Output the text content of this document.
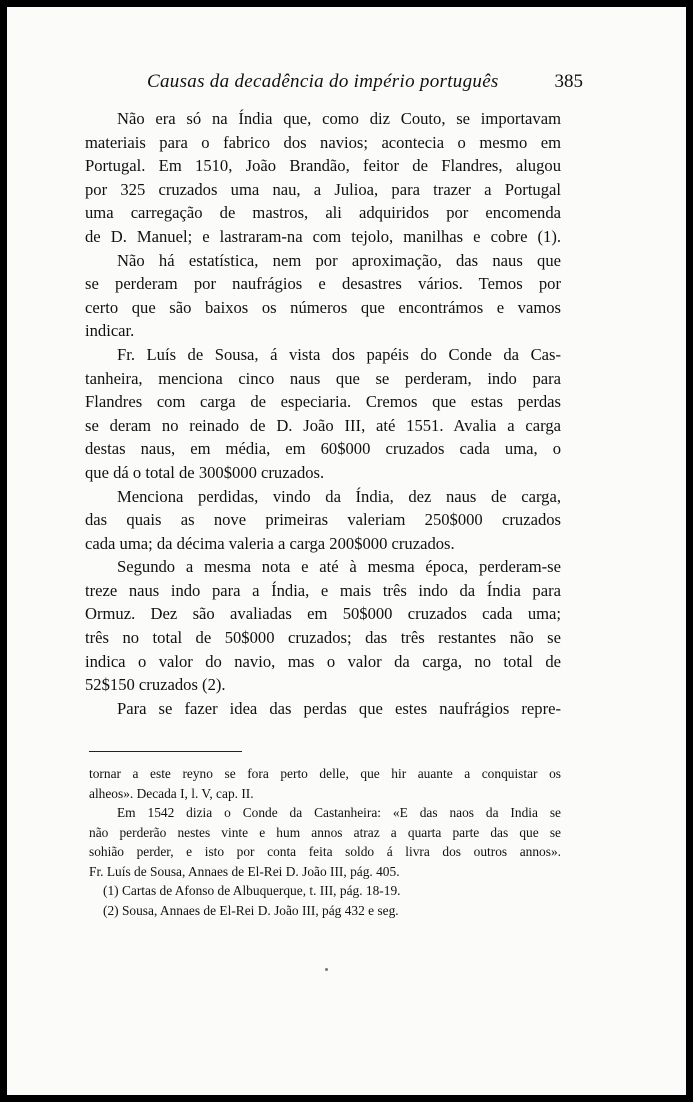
Causas da decadência do império português	385
Não era só na Índia que, como diz Couto, se importavam
materiais para o fabrico dos navios; acontecia o mesmo em
Portugal. Em 1510, João Brandão, feitor de Flandres, alugou
por 325 cruzados uma nau, a Julioa, para trazer a Portugal
uma carregação de mastros, ali adquiridos por encomenda
de D. Manuel; e lastraram-na com tejolo, manilhas e cobre (1).
Não há estatística, nem por aproximação, das naus que
se perderam por naufrágios e desastres vários. Temos por
certo que são baixos os números que encontrámos e vamos
indicar.
Fr. Luís de Sousa, á vista dos papéis do Conde da Cas-
tanheira, menciona cinco naus que se perderam, indo para
Flandres com carga de especiaria. Cremos que estas perdas
se deram no reinado de D. João III, até 1551. Avalia a carga
destas naus, em média, em 60$000 cruzados cada uma, o
que dá o total de 300$000 cruzados.
Menciona perdidas, vindo da Índia, dez naus de carga,
das quais as nove primeiras valeriam 250$000 cruzados
cada uma; da décima valeria a carga 200$000 cruzados.
Segundo a mesma nota e até à mesma época, perderam-se
treze naus indo para a Índia, e mais três indo da Índia para
Ormuz. Dez são avaliadas em 50$000 cruzados cada uma;
três no total de 50$000 cruzados; das três restantes não se
indica o valor do navio, mas o valor da carga, no total de
52$150 cruzados (2).
Para se fazer idea das perdas que estes naufrágios repre-
tornar a este reyno se fora perto delle, que hir auante a conquistar os
alheos». Decada I, l. V, cap. II.
Em 1542 dizia o Conde da Castanheira: «E das naos da India se
não perderão nestes vinte e hum annos atraz a quarta parte das que se
sohião perder, e isto por conta feita soldo á livra dos outros annos».
Fr. Luís de Sousa, Annaes de El-Rei D. João III, pág. 405.
(1) Cartas de Afonso de Albuquerque, t. III, pág. 18-19.
(2) Sousa, Annaes de El-Rei D. João III, pág 432 e seg.
